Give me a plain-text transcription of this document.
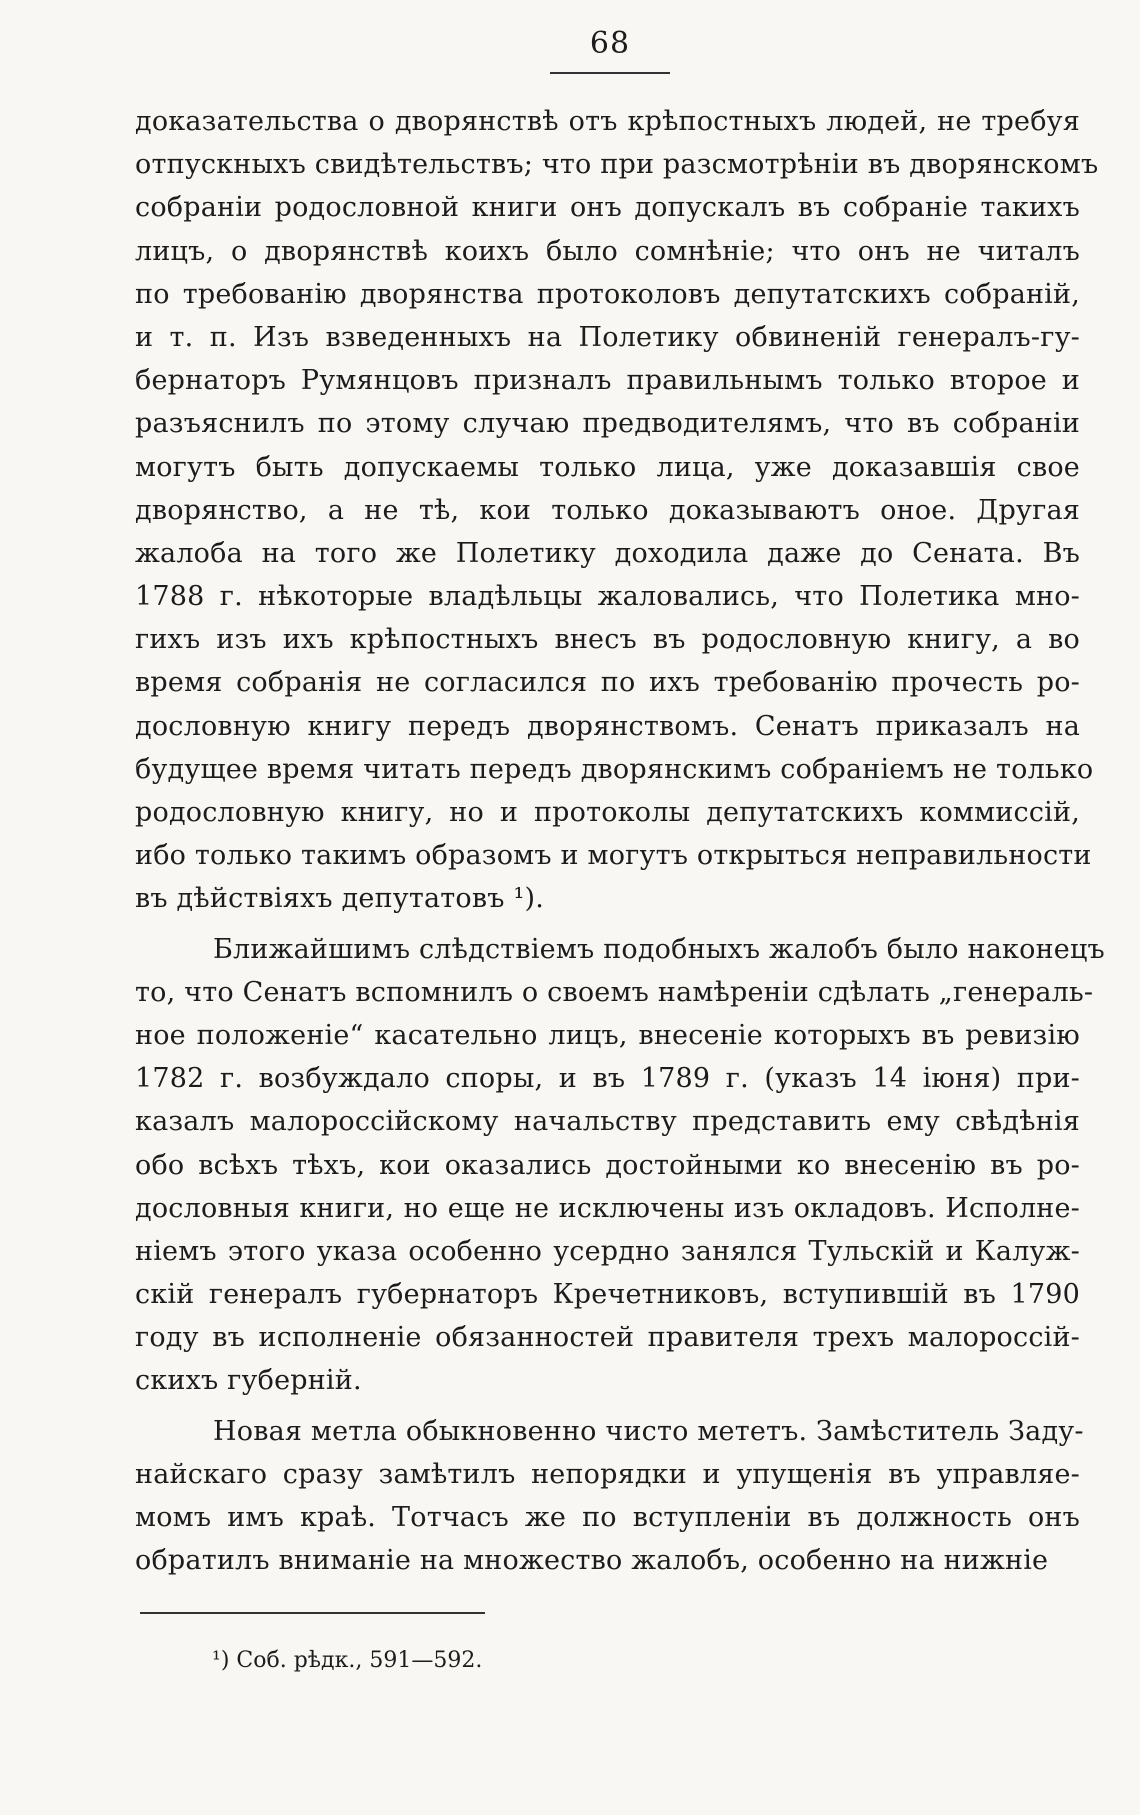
68
доказательства о дворянствѣ отъ крѣпостныхъ людей, не требуя
отпускныхъ свидѣтельствъ; что при разсмотрѣніи въ дворянскомъ
собраніи родословной книги онъ допускалъ въ собраніе такихъ
лицъ, о дворянствѣ коихъ было сомнѣніе; что онъ не читалъ
по требованію дворянства протоколовъ депутатскихъ собраній,
и т. п. Изъ взведенныхъ на Полетику обвиненій генералъ-гу-
бернаторъ Румянцовъ призналъ правильнымъ только второе и
разъяснилъ по этому случаю предводителямъ, что въ собраніи
могутъ быть допускаемы только лица, уже доказавшія свое
дворянство, а не тѣ, кои только доказываютъ оное. Другая
жалоба на того же Полетику доходила даже до Сената. Въ
1788 г. нѣкоторые владѣльцы жаловались, что Полетика мно-
гихъ изъ ихъ крѣпостныхъ внесъ въ родословную книгу, а во
время собранія не согласился по ихъ требованію прочесть ро-
дословную книгу передъ дворянствомъ. Сенатъ приказалъ на
будущее время читать передъ дворянскимъ собраніемъ не только
родословную книгу, но и протоколы депутатскихъ коммиссій,
ибо только такимъ образомъ и могутъ открыться неправильности
въ дѣйствіяхъ депутатовъ ¹).
Ближайшимъ слѣдствіемъ подобныхъ жалобъ было наконецъ
то, что Сенатъ вспомнилъ о своемъ намѣреніи сдѣлать „генераль-
ное положеніе“ касательно лицъ, внесеніе которыхъ въ ревизію
1782 г. возбуждало споры, и въ 1789 г. (указъ 14 іюня) при-
казалъ малороссійскому начальству представить ему свѣдѣнія
обо всѣхъ тѣхъ, кои оказались достойными ко внесенію въ ро-
дословныя книги, но еще не исключены изъ окладовъ. Исполне-
ніемъ этого указа особенно усердно занялся Тульскій и Калуж-
скій генералъ губернаторъ Кречетниковъ, вступившій въ 1790
году въ исполненіе обязанностей правителя трехъ малороссій-
скихъ губерній.
Новая метла обыкновенно чисто мететъ. Замѣститель Заду-
найскаго сразу замѣтилъ непорядки и упущенія въ управляе-
момъ имъ краѣ. Тотчасъ же по вступленіи въ должность онъ
обратилъ вниманіе на множество жалобъ, особенно на нижніе
¹) Соб. рѣдк., 591—592.
